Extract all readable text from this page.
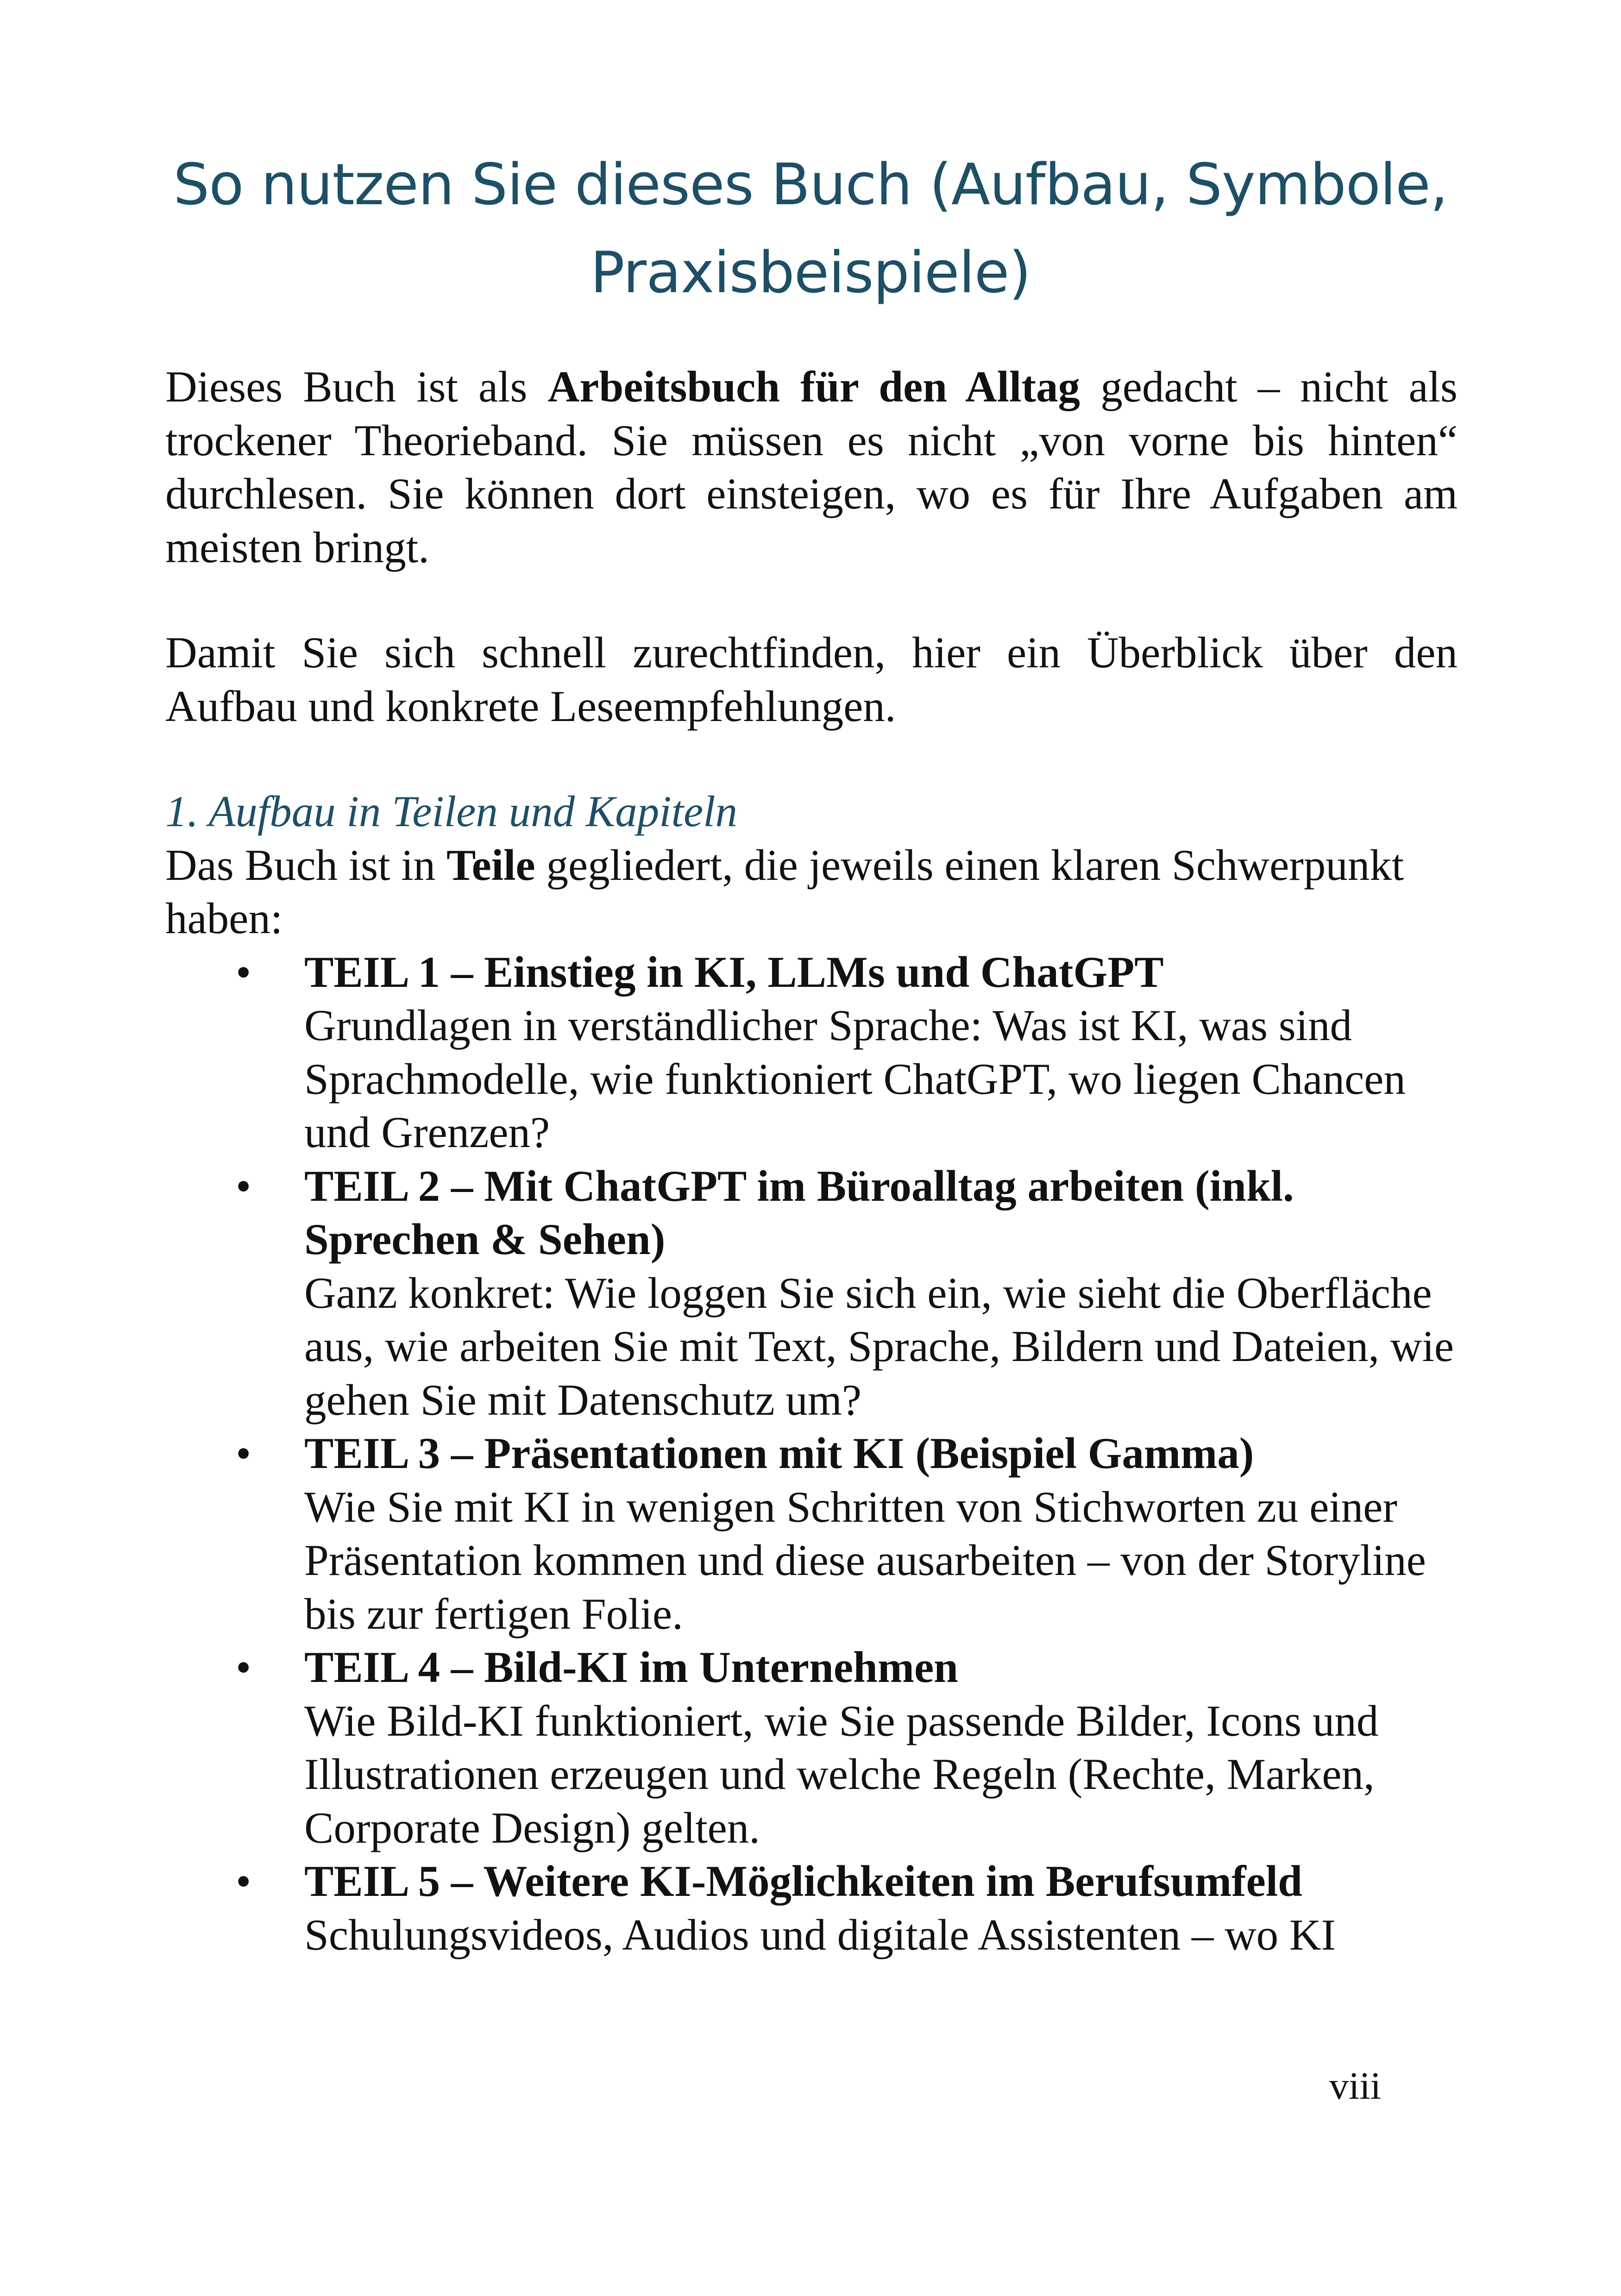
So nutzen Sie dieses Buch (Aufbau, Symbole,
Praxisbeispiele)

Dieses Buch ist als Arbeitsbuch für den Alltag gedacht – nicht als trockener Theorieband. Sie müssen es nicht „von vorne bis hinten“ durchlesen. Sie können dort einsteigen, wo es für Ihre Aufgaben am meisten bringt.

Damit Sie sich schnell zurechtfinden, hier ein Überblick über den Aufbau und konkrete Leseempfehlungen.

1. Aufbau in Teilen und Kapiteln

Das Buch ist in Teile gegliedert, die jeweils einen klaren Schwerpunkt haben:

• TEIL 1 – Einstieg in KI, LLMs und ChatGPT
Grundlagen in verständlicher Sprache: Was ist KI, was sind Sprachmodelle, wie funktioniert ChatGPT, wo liegen Chancen und Grenzen?
• TEIL 2 – Mit ChatGPT im Büroalltag arbeiten (inkl. Sprechen & Sehen)
Ganz konkret: Wie loggen Sie sich ein, wie sieht die Oberfläche aus, wie arbeiten Sie mit Text, Sprache, Bildern und Dateien, wie gehen Sie mit Datenschutz um?
• TEIL 3 – Präsentationen mit KI (Beispiel Gamma)
Wie Sie mit KI in wenigen Schritten von Stichworten zu einer Präsentation kommen und diese ausarbeiten – von der Storyline bis zur fertigen Folie.
• TEIL 4 – Bild-KI im Unternehmen
Wie Bild-KI funktioniert, wie Sie passende Bilder, Icons und Illustrationen erzeugen und welche Regeln (Rechte, Marken, Corporate Design) gelten.
• TEIL 5 – Weitere KI-Möglichkeiten im Berufsumfeld
Schulungsvideos, Audios und digitale Assistenten – wo KI
viii
